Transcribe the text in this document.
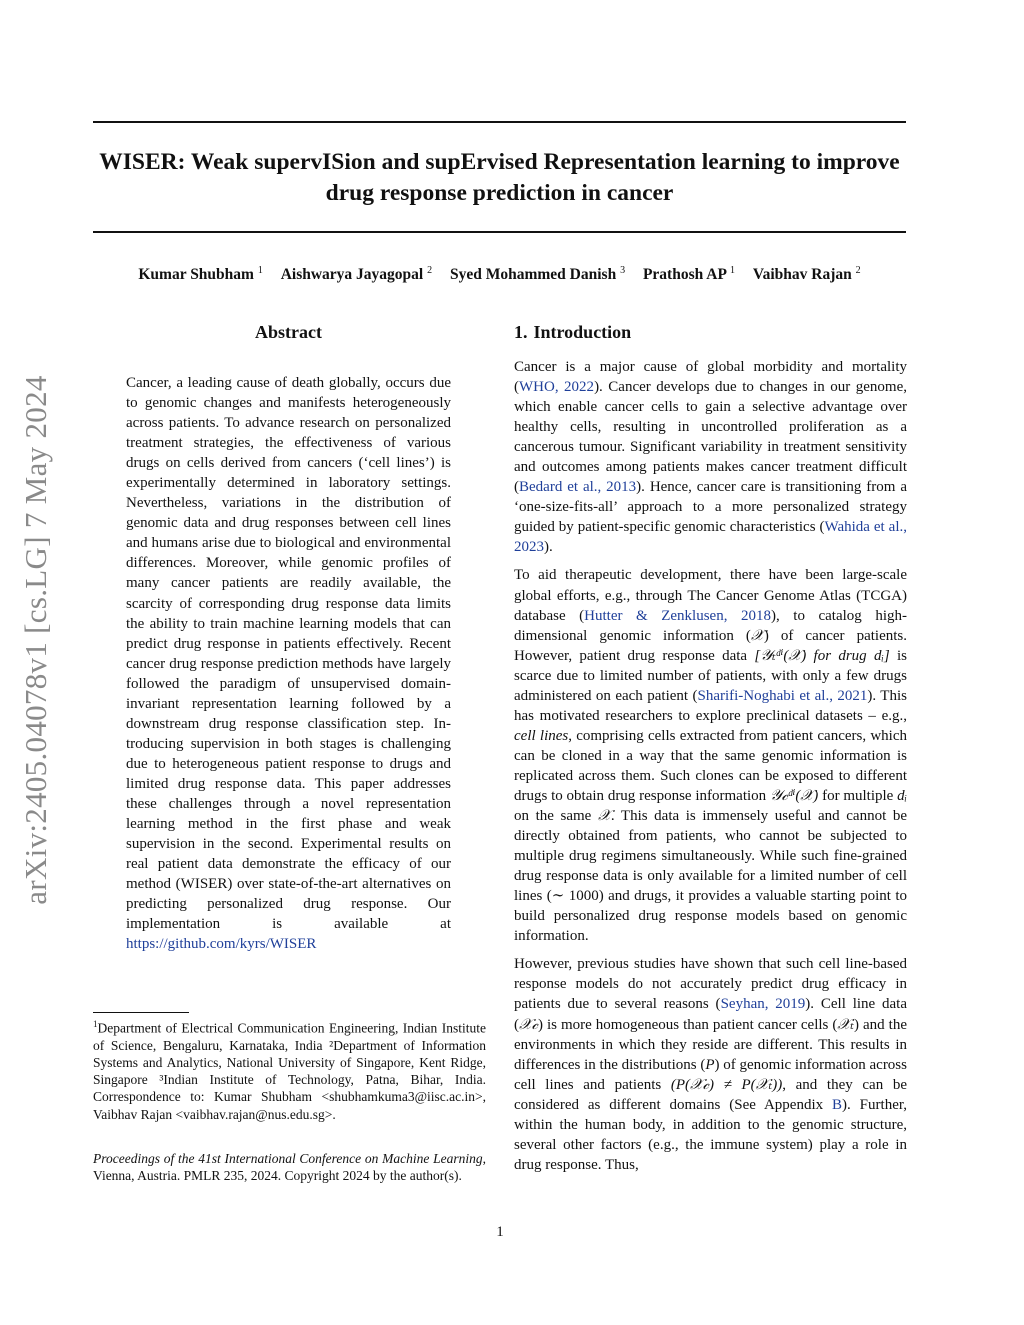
WISER: Weak supervISion and supErvised Representation learning to improve
drug response prediction in cancer
Kumar Shubham $^1$ Aishwarya Jayagopal $^2$ Syed Mohammed Danish $^3$ Prathosh AP $^1$ Vaibhav Rajan $^2$
arXiv:2405.04078v1 [cs.LG] 7 May 2024
Abstract
Cancer, a leading cause of death globally, occurs due to genomic changes and manifests heterogeneously across patients. To advance research on personalized treatment strategies, the effectiveness of various drugs on cells derived from cancers (‘cell lines’) is experimentally determined in laboratory settings. Nevertheless, variations in the distribution of genomic data and drug responses between cell lines and humans arise due to biological and environmental differences. Moreover, while genomic profiles of many cancer patients are readily available, the scarcity of corresponding drug response data limits the ability to train machine learning models that can predict drug response in patients effectively. Recent cancer drug response prediction methods have largely followed the paradigm of unsupervised domain-invariant representation learning followed by a downstream drug response classification step. Introducing supervision in both stages is challenging due to heterogeneous patient response to drugs and limited drug response data. This paper addresses these challenges through a novel representation learning method in the first phase and weak supervision in the second. Experimental results on real patient data demonstrate the efficacy of our method (WISER) over state-of-the-art alternatives on predicting personalized drug response. Our implementation is available at https://github.com/kyrs/WISER
1. Introduction

Cancer is a major cause of global morbidity and mortality (WHO, 2022). Cancer develops due to changes in our genome, which enable cancer cells to gain a selective advantage over healthy cells, resulting in uncontrolled proliferation as a cancerous tumour. Significant variability in treatment sensitivity and outcomes among patients makes cancer treatment difficult (Bedard et al., 2013). Hence, cancer care is transitioning from a ‘one-size-fits-all’ approach to a more personalized strategy guided by patient-specific genomic characteristics (Wahida et al., 2023).

To aid therapeutic development, there have been large-scale global efforts, e.g., through The Cancer Genome Atlas (TCGA) database (Hutter & Zenklusen, 2018), to catalog high-dimensional genomic information (𝒳) of cancer patients. However, patient drug response data [𝒴ₜᵈⁱ(𝒳) for drug dᵢ] is scarce due to limited number of patients, with only a few drugs administered on each patient (Sharifi-Noghabi et al., 2021). This has motivated researchers to explore preclinical datasets – e.g., cell lines, comprising cells extracted from patient cancers, which can be cloned in a way that the same genomic information is replicated across them. Such clones can be exposed to different drugs to obtain drug response information 𝒴𝒸ᵈⁱ(𝒳) for multiple dᵢ on the same 𝒳. This data is immensely useful and cannot be directly obtained from patients, who cannot be subjected to multiple drug regimens simultaneously. While such fine-grained drug response data is only available for a limited number of cell lines (∼ 1000) and drugs, it provides a valuable starting point to build personalized drug response models based on genomic information.

However, previous studies have shown that such cell line-based response models do not accurately predict drug efficacy in patients due to several reasons (Seyhan, 2019). Cell line data (𝒳𝒸) is more homogeneous than patient cancer cells (𝒳ₜ) and the environments in which they reside are different. This results in differences in the distributions (P) of genomic information across cell lines and patients (P(𝒳𝒸) ≠ P(𝒳ₜ)), and they can be considered as different domains (See Appendix B). Further, within the human body, in addition to the genomic structure, several other factors (e.g., the immune system) play a role in drug response. Thus,

$^1$Department of Electrical Communication Engineering, Indian Institute of Science, Bengaluru, Karnataka, India ²Department of Information Systems and Analytics, National University of Singapore, Kent Ridge, Singapore ³Indian Institute of Technology, Patna, Bihar, India. Correspondence to: Kumar Shubham <shubhamkuma3@iisc.ac.in>, Vaibhav Rajan <vaibhav.rajan@nus.edu.sg>.
Proceedings of the 41st International Conference on Machine Learning, Vienna, Austria. PMLR 235, 2024. Copyright 2024 by the author(s).
1
